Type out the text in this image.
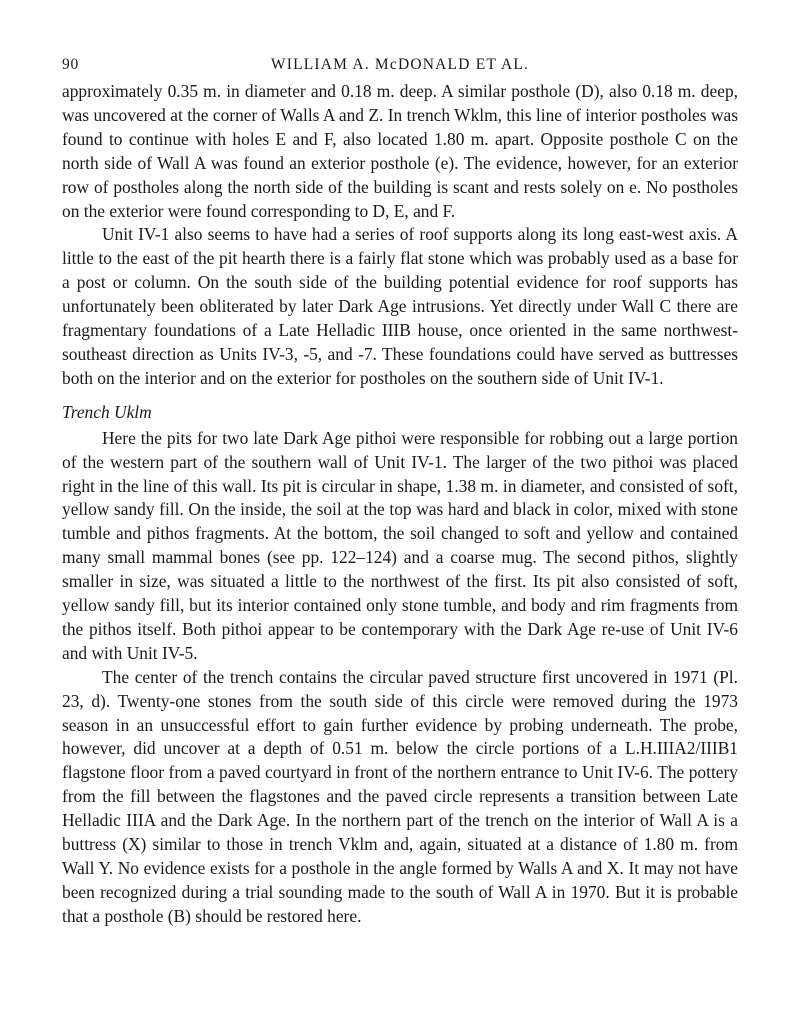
90	WILLIAM A. McDONALD ET AL.

approximately 0.35 m. in diameter and 0.18 m. deep. A similar posthole (D), also 0.18 m. deep, was uncovered at the corner of Walls A and Z. In trench Wklm, this line of interior postholes was found to continue with holes E and F, also located 1.80 m. apart. Opposite posthole C on the north side of Wall A was found an exterior posthole (e). The evidence, however, for an exterior row of postholes along the north side of the building is scant and rests solely on e. No postholes on the exterior were found corresponding to D, E, and F.

Unit IV-1 also seems to have had a series of roof supports along its long east-west axis. A little to the east of the pit hearth there is a fairly flat stone which was probably used as a base for a post or column. On the south side of the building potential evidence for roof supports has unfortunately been obliterated by later Dark Age intrusions. Yet directly under Wall C there are fragmentary foundations of a Late Helladic IIIB house, once oriented in the same northwest-southeast direction as Units IV-3, -5, and -7. These foundations could have served as buttresses both on the interior and on the exterior for postholes on the southern side of Unit IV-1.

Trench Uklm

Here the pits for two late Dark Age pithoi were responsible for robbing out a large portion of the western part of the southern wall of Unit IV-1. The larger of the two pithoi was placed right in the line of this wall. Its pit is circular in shape, 1.38 m. in diameter, and consisted of soft, yellow sandy fill. On the inside, the soil at the top was hard and black in color, mixed with stone tumble and pithos fragments. At the bottom, the soil changed to soft and yellow and contained many small mammal bones (see pp. 122–124) and a coarse mug. The second pithos, slightly smaller in size, was situated a little to the northwest of the first. Its pit also consisted of soft, yellow sandy fill, but its interior contained only stone tumble, and body and rim fragments from the pithos itself. Both pithoi appear to be contemporary with the Dark Age re-use of Unit IV-6 and with Unit IV-5.

The center of the trench contains the circular paved structure first uncovered in 1971 (Pl. 23, d). Twenty-one stones from the south side of this circle were removed during the 1973 season in an unsuccessful effort to gain further evidence by probing underneath. The probe, however, did uncover at a depth of 0.51 m. below the circle portions of a L.H.IIIA2/IIIB1 flagstone floor from a paved courtyard in front of the northern entrance to Unit IV-6. The pottery from the fill between the flagstones and the paved circle represents a transition between Late Helladic IIIA and the Dark Age. In the northern part of the trench on the interior of Wall A is a buttress (X) similar to those in trench Vklm and, again, situated at a distance of 1.80 m. from Wall Y. No evidence exists for a posthole in the angle formed by Walls A and X. It may not have been recognized during a trial sounding made to the south of Wall A in 1970. But it is probable that a posthole (B) should be restored here.
